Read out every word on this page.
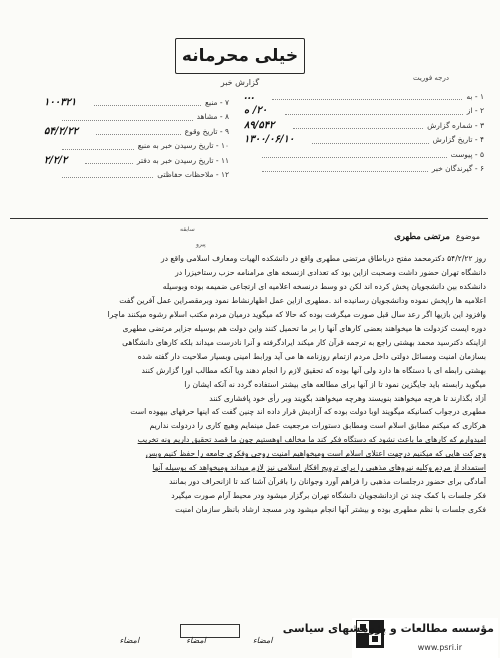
درجه فوریت
خیلی محرمانه
گزارش خبر
۱ - به
...
۲ - از
۲۰/ ه
۳ - شماره گزارش
۸۹/۵۴۲
۴ - تاریخ گزارش
۱۳۰۰/۰۶/۱۰
۵ - پیوست
۶ - گیرندگان خبر
۷ - منبع
۱۰۰۳۲۱
۸ - مشاهد
۹ - تاریخ وقوع
۵۴/۲/۲۲
۱۰ - تاریخ رسیدن خبر به منبع
۱۱ - تاریخ رسیدن خبر به دفتر
۲/۲/۲
۱۲ - ملاحظات حفاظتی
سابقه
پیرو
موضوع
مرتضی مطهری

روز ۵۴/۲/۲۲ دکترمحمد مفتح درباطاق مرتضی مطهری واقع در دانشکده الهیات ومعارف اسلامی واقع در

دانشگاه تهران حضور داشت وصحبت ازاین بود که تعدادی ازنسخه های مرامنامه حزب رستاخیزرا در

دانشکده بین دانشجویان پخش کرده اند لکن دو وسط درنسخه اعلامیه ای ارتجاعی ضمیمه بوده وبوسیله

اعلامیه ها راپخش نموده ودانشجویان رسانیده اند .مطهری ازاین عمل اظهارنشاط نمود وبرمقصراین عمل آفرین گفت

وافزود این بازیها اگر رعد سال قبل صورت میگرفت بوده که حالا که میگوید درمیان مردم مکتب اسلام رشوه میکنند ماچرا

دوره ایست کزدولت ها میخواهند بعضی کارهای آنها را بر ما تحمیل کنند واین دولت هم بوسیله جزایر مرتضی مطهری

ازاینکه دکترسید محمد بهشتی راجع به ترجمه قرآن کار میکند ایرادگرفته و آنرا نادرست میداند بلکه کارهای دانشگاهی

بسازمان امنیت ومسائل دولتی داخل مردم ازتمام روزنامه ها می آید ورابط امینی وبسیار صلاحیت دار گفته شده

بهشتی رابطه ای با دستگاه ها دارد ولی آنها بوده که تحقیق لازم را انجام دهند ویا آنکه مطالب اورا گزارش کنند

میگوید رابسته باید جایگزین نمود تا از آنها برای مطالعه های بیشتر استفاده گردد نه آنکه ایشان را

آزاد بگذارند تا هرچه میخواهند بنویسند وهرچه میخواهند بگویند وبر رأی خود پافشاری کنند

مطهری درجواب کسانیکه میگویند اوبا دولت بوده که آزادیش قرار داده اند چنین گفت که اینها حرفهای بیهوده است

هرکاری که میکنم مطابق اسلام است ومطابق دستورات مرجعیت عمل مینمایم وهیچ کاری را دردولت نداریم

امیدوارم که کارهای ما باعث نشود که دستگاه فکر کند ما مخالف اوهستیم چون ما قصد تحقیق داریم ونه تخریب

وحرکت هایی که میکنیم درجهت اعتلای اسلام است ومیخواهیم امنیت روحی وفکری جامعه را حفظ کنیم وبس

استمداد از مردم وکلیه نیروهای مذهبی را برای ترویج افکار اسلامی نیز لازم میداند ومیخواهد که بوسیله آنها

آمادگی برای حضور درجلسات مذهبی را فراهم آورد وجوانان را باقرآن آشنا کند تا ازانحراف دور بمانند

فکر جلسات با کمک چند تن ازدانشجویان دانشگاه تهران برگزار میشود ودر محیط آرام صورت میگیرد

فکری جلسات با نظم مطهری بوده و بیشتر آنها انجام میشود ودر مسجد ارشاد بانظر سازمان امنیت

امضاء
امضاء
امضاء
مؤسسه مطالعات و پژوهشهای سیاسی
www.psri.ir
